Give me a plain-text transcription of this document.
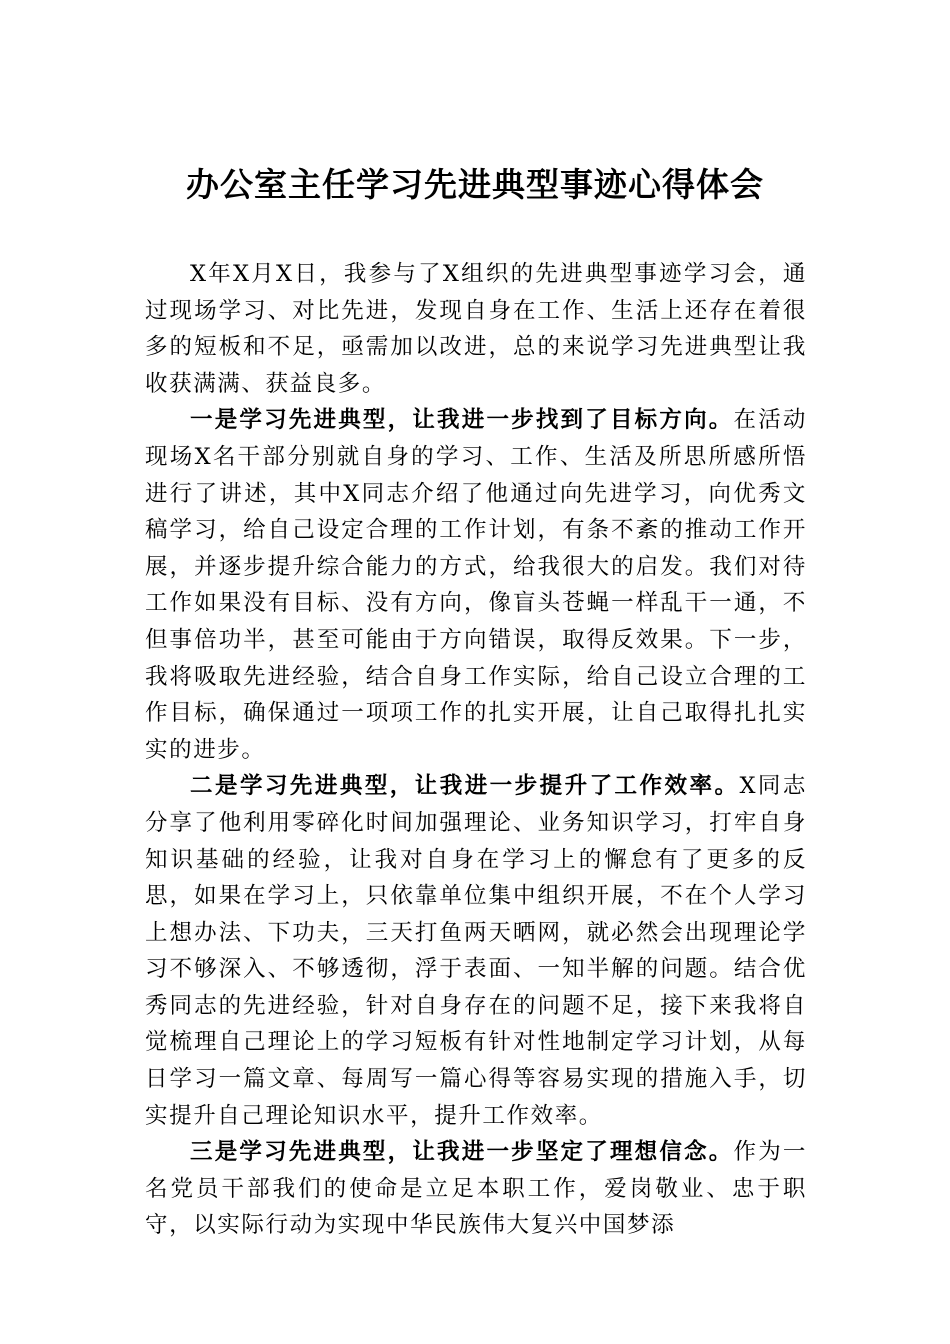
办公室主任学习先进典型事迹心得体会

X年X月X日，我参与了X组织的先进典型事迹学习会，通过现场学习、对比先进，发现自身在工作、生活上还存在着很多的短板和不足，亟需加以改进，总的来说学习先进典型让我收获满满、获益良多。

一是学习先进典型，让我进一步找到了目标方向。在活动现场X名干部分别就自身的学习、工作、生活及所思所感所悟进行了讲述，其中X同志介绍了他通过向先进学习，向优秀文稿学习，给自己设定合理的工作计划，有条不紊的推动工作开展，并逐步提升综合能力的方式，给我很大的启发。我们对待工作如果没有目标、没有方向，像盲头苍蝇一样乱干一通，不但事倍功半，甚至可能由于方向错误，取得反效果。下一步，我将吸取先进经验，结合自身工作实际，给自己设立合理的工作目标，确保通过一项项工作的扎实开展，让自己取得扎扎实实的进步。

二是学习先进典型，让我进一步提升了工作效率。X同志分享了他利用零碎化时间加强理论、业务知识学习，打牢自身知识基础的经验，让我对自身在学习上的懈怠有了更多的反思，如果在学习上，只依靠单位集中组织开展，不在个人学习上想办法、下功夫，三天打鱼两天晒网，就必然会出现理论学习不够深入、不够透彻，浮于表面、一知半解的问题。结合优秀同志的先进经验，针对自身存在的问题不足，接下来我将自觉梳理自己理论上的学习短板有针对性地制定学习计划，从每日学习一篇文章、每周写一篇心得等容易实现的措施入手，切实提升自己理论知识水平，提升工作效率。

三是学习先进典型，让我进一步坚定了理想信念。作为一名党员干部我们的使命是立足本职工作，爱岗敬业、忠于职守，以实际行动为实现中华民族伟大复兴中国梦添
